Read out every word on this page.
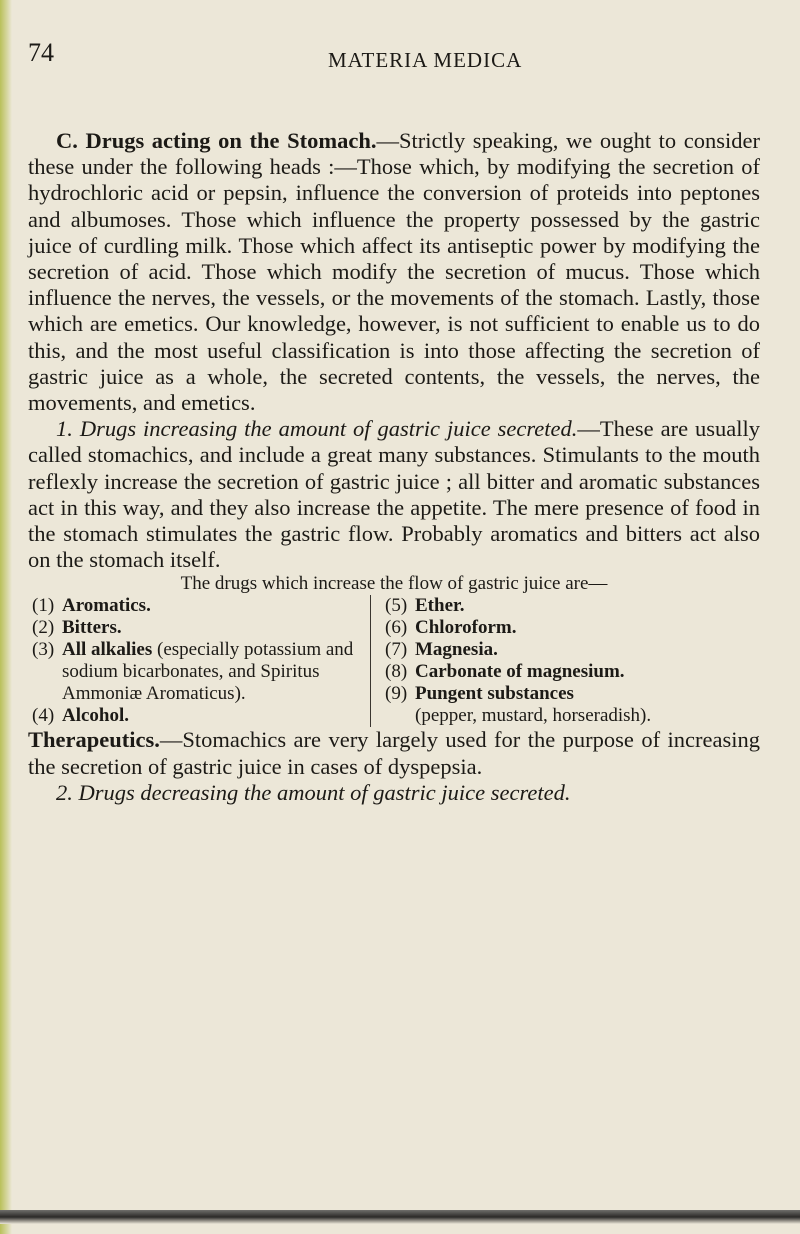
74	MATERIA MEDICA

C. Drugs acting on the Stomach.—Strictly speaking, we ought to consider these under the following heads :—Those which, by modifying the secretion of hydrochloric acid or pepsin, influence the conversion of proteids into peptones and albumoses. Those which influence the property possessed by the gastric juice of curdling milk. Those which affect its antiseptic power by modifying the secretion of acid. Those which modify the secretion of mucus. Those which influence the nerves, the vessels, or the movements of the stomach. Lastly, those which are emetics. Our knowledge, however, is not sufficient to enable us to do this, and the most useful classification is into those affecting the secretion of gastric juice as a whole, the secreted contents, the vessels, the nerves, the movements, and emetics.

1. Drugs increasing the amount of gastric juice secreted.—These are usually called stomachics, and include a great many substances. Stimulants to the mouth reflexly increase the secretion of gastric juice ; all bitter and aromatic substances act in this way, and they also increase the appetite. The mere presence of food in the stomach stimulates the gastric flow. Probably aromatics and bitters act also on the stomach itself.

The drugs which increase the flow of gastric juice are—

(1) Aromatics.
(2) Bitters.
(3) All alkalies (especially potassium and sodium bicarbonates, and Spiritus Ammoniæ Aromaticus).
(4) Alcohol.
(5) Ether.
(6) Chloroform.
(7) Magnesia.
(8) Carbonate of magnesium.
(9) Pungent substances
(pepper, mustard, horseradish).

Therapeutics.—Stomachics are very largely used for the purpose of increasing the secretion of gastric juice in cases of dyspepsia.

2. Drugs decreasing the amount of gastric juice secreted.
